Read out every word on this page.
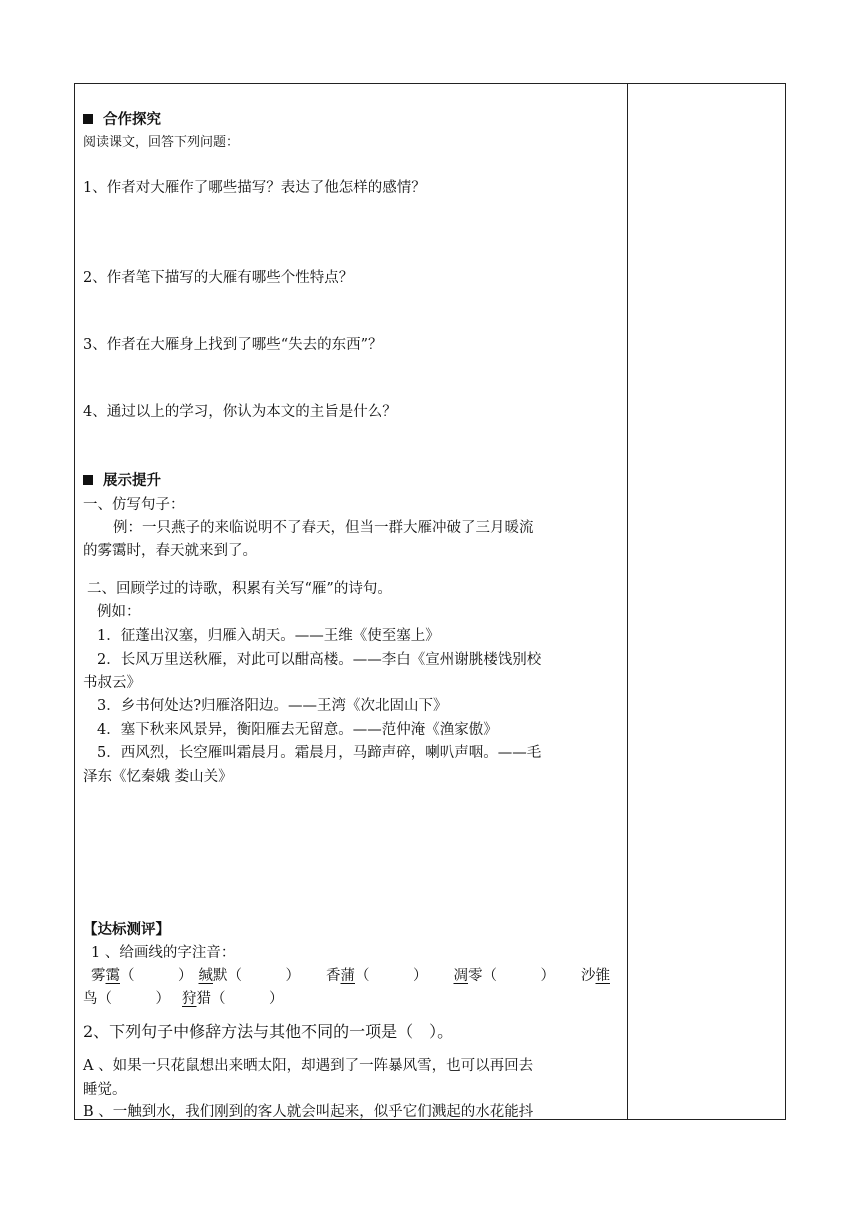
合作探究
阅读课文，回答下列问题：
1、作者对大雁作了哪些描写？表达了他怎样的感情？
2、作者笔下描写的大雁有哪些个性特点？
3、作者在大雁身上找到了哪些“失去的东西”？
4、通过以上的学习，你认为本文的主旨是什么？
展示提升
一、仿写句子：
例：一只燕子的来临说明不了春天，但当一群大雁冲破了三月暖流
的雾霭时，春天就来到了。
二、回顾学过的诗歌，积累有关写“雁”的诗句。
例如：
1．征蓬出汉塞，归雁入胡天。——王维《使至塞上》
2．长风万里送秋雁，对此可以酣高楼。——李白《宣州谢朓楼饯别校
书叔云》
3．乡书何处达?归雁洛阳边。——王湾《次北固山下》
4．塞下秋来风景异，衡阳雁去无留意。——范仲淹《渔家傲》
5．西风烈，长空雁叫霜晨月。霜晨月，马蹄声碎，喇叭声咽。——毛
泽东《忆秦娥 娄山关》
【达标测评】
1 、给画线的字注音：
雾霭（　　　） 缄默（　　　） 香蒲（　　　） 凋零（　　　） 沙锥
鸟（　　　） 狩猎（　　　）
2、下列句子中修辞方法与其他不同的一项是（　）。
A 、如果一只花鼠想出来晒太阳，却遇到了一阵暴风雪，也可以再回去
睡觉。
B 、一触到水，我们刚到的客人就会叫起来，似乎它们溅起的水花能抖
